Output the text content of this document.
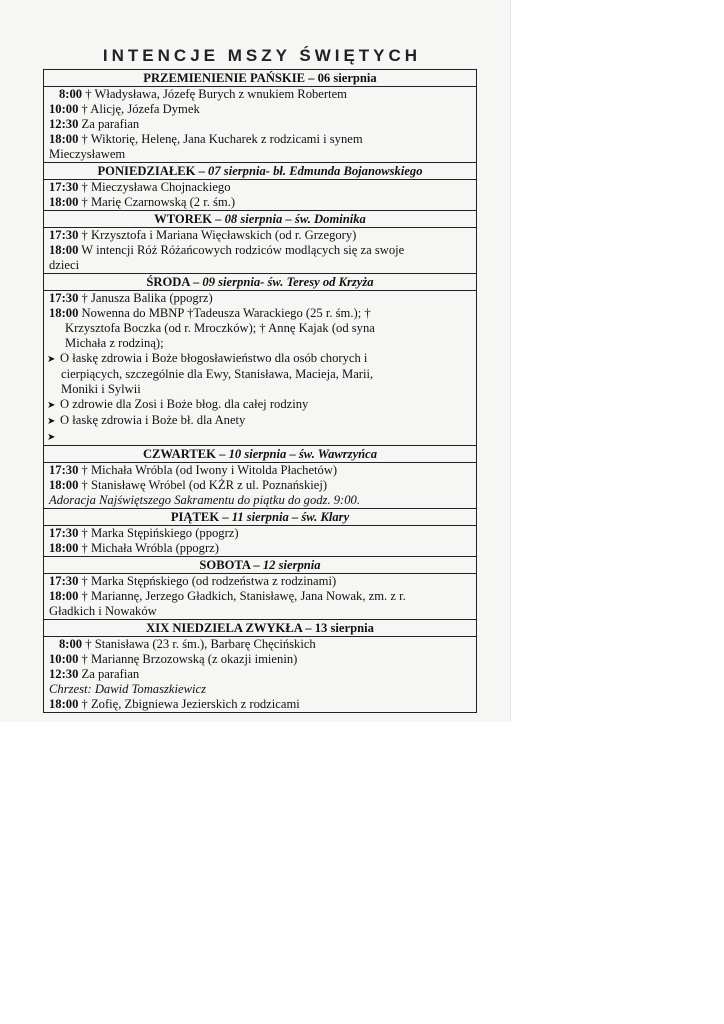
INTENCJE MSZY ŚWIĘTYCH
PRZEMIENIENIE PAŃSKIE – 06 sierpnia
8:00 † Władysława, Józefę Burych z wnukiem Robertem
10:00 † Alicję, Józefa Dymek
12:30 Za parafian
18:00 † Wiktorię, Helenę, Jana Kucharek z rodzicami i synem
Mieczysławem
PONIEDZIAŁEK – 07 sierpnia- bł. Edmunda Bojanowskiego
17:30 † Mieczysława Chojnackiego
18:00 † Marię Czarnowską (2 r. śm.)
WTOREK – 08 sierpnia – św. Dominika
17:30 † Krzysztofa i Mariana Więcławskich (od r. Grzegory)
18:00 W intencji Róż Różańcowych rodziców modlących się za swoje
dzieci
ŚRODA – 09 sierpnia- św. Teresy od Krzyża
17:30 † Janusza Balika (ppogrz)
18:00 Nowenna do MBNP †Tadeusza Warackiego (25 r. śm.); †
Krzysztofa Boczka (od r. Mroczków); † Annę Kajak (od syna
Michała z rodziną);
➤ O łaskę zdrowia i Boże błogosławieństwo dla osób chorych i
cierpiących, szczególnie dla Ewy, Stanisława, Macieja, Marii,
Moniki i Sylwii
➤ O zdrowie dla Zosi i Boże błog. dla całej rodziny
➤ O łaskę zdrowia i Boże bł. dla Anety
➤
CZWARTEK – 10 sierpnia – św. Wawrzyńca
17:30 † Michała Wróbla (od Iwony i Witolda Płachetów)
18:00 † Stanisławę Wróbel (od KŻR z ul. Poznańskiej)
Adoracja Najświętszego Sakramentu do piątku do godz. 9:00.
PIĄTEK – 11 sierpnia – św. Klary
17:30 † Marka Stępińskiego (ppogrz)
18:00 † Michała Wróbla (ppogrz)
SOBOTA – 12 sierpnia
17:30 † Marka Stępńskiego (od rodzeństwa z rodzinami)
18:00 † Mariannę, Jerzego Gładkich, Stanisławę, Jana Nowak, zm. z r.
Gładkich i Nowaków
XIX NIEDZIELA ZWYKŁA – 13 sierpnia
8:00 † Stanisława (23 r. śm.), Barbarę Chęcińskich
10:00 † Mariannę Brzozowską (z okazji imienin)
12:30 Za parafian
Chrzest: Dawid Tomaszkiewicz
18:00 † Zofię, Zbigniewa Jezierskich z rodzicami
